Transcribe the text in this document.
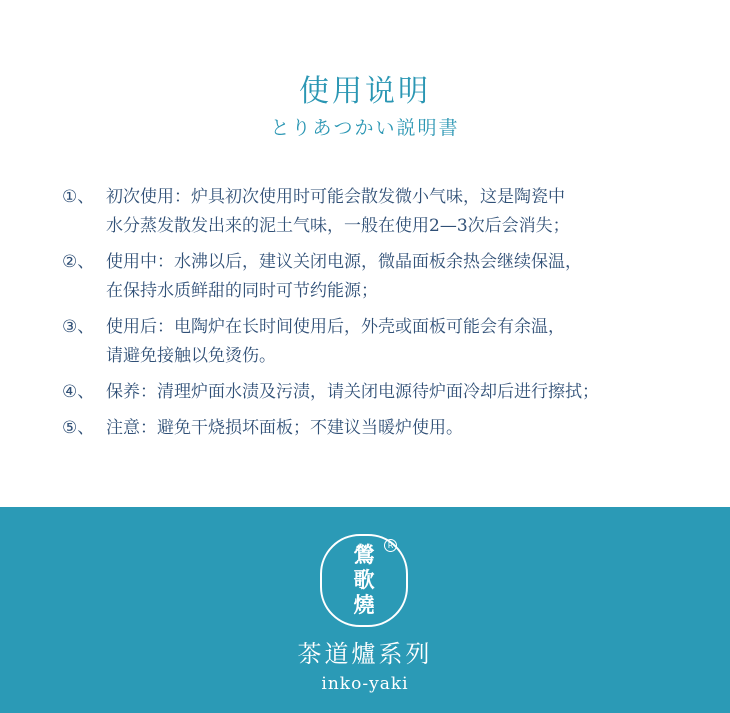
使用说明
とりあつかい説明書
①、 初次使用：炉具初次使用时可能会散发微小气味，这是陶瓷中
水分蒸发散发出来的泥土气味，一般在使用2—3次后会消失；
②、 使用中：水沸以后，建议关闭电源，微晶面板余热会继续保温，
在保持水质鲜甜的同时可节约能源；
③、 使用后：电陶炉在长时间使用后，外壳或面板可能会有余温，
请避免接触以免烫伤。
④、 保养：清理炉面水渍及污渍，请关闭电源待炉面冷却后进行擦拭；
⑤、 注意：避免干烧损坏面板；不建议当暖炉使用。
鶯
歌
燒
R
茶道爐系列
inko-yaki
